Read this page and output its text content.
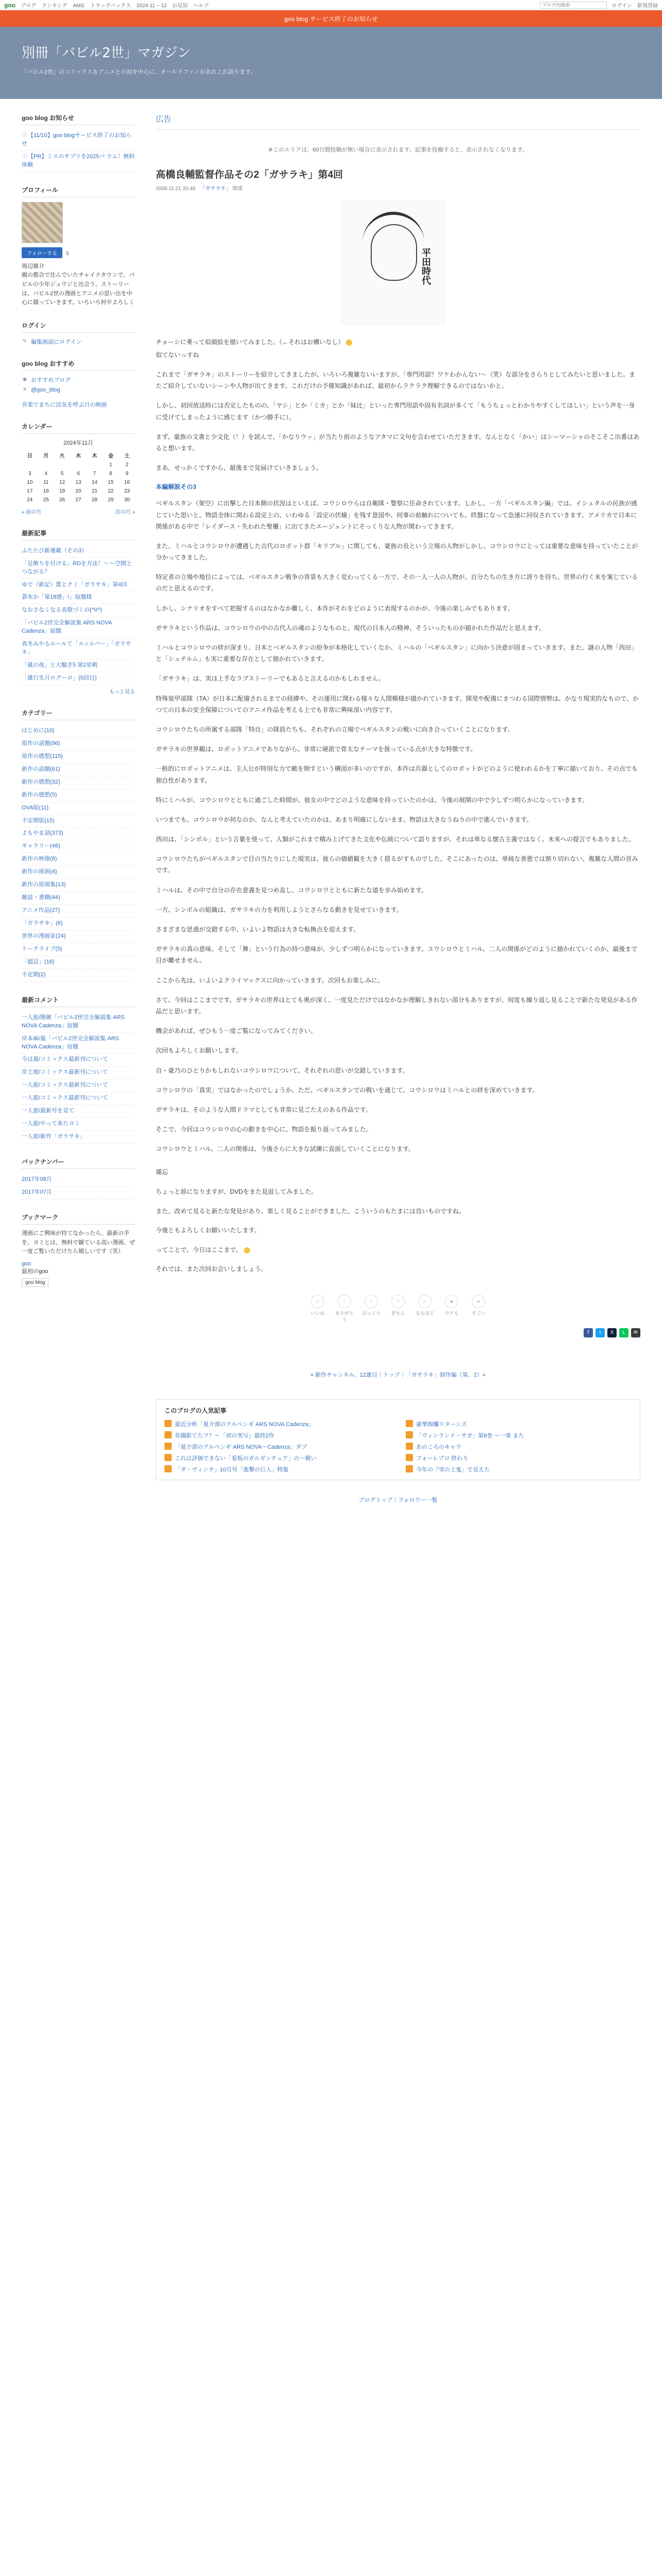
goo ブログ ランキング AMG トラックバックス 2024-11 ~ 12 お見知 ヘルプ
ブログ内検索	ログイン 新規登録
goo blog サービス終了のお知らせ
別冊「バビル2世」マガジン

『バビル2世』のコミックス＆アニメとの初を中心に、オールドファンがあれこれ語ります。

goo blog お知らせ
ⓘ【11/10】goo blogサービス終了のお知らせ
ⓘ【PR】ミスのサプリを2025バ ラム！無料体験
プロフィール
フォローする 5
海辺雄介
親の都合で住んでいたチャイナタウンで、パピルの少年ジュウジと出会う。ストーリーは、バビル2世の漫画とアニメの思い出を中心に綴っていきます。いろいろ何卒よろしく
ログイン
✎ 編集画面にログイン
goo blog おすすめ
◉ おすすめブログ
✕ @goo_blog
音楽でまちに活気を呼ぶ日の映画
カレンダー
2024年11月
日	月	火	水	木	金	土
					1	2
3	4	5	6	7	8	9
10	11	12	13	14	15	16
17	18	19	20	21	22	23
24	25	26	27	28	29	30
« 前の月	次の月 »
最新記事
ふたたび新連載（その3）
「足飾りを付ける」RDを方法！～～空間とつながる？
ゆで（新記）賞とクミ「ガラサキ」第4回
蒼氷か「第18感」!」宿題様
なおさなくなる表敬づくの(^0^)
「バビル2世完全解説集 ARS NOVA Cadenza」宿題
真冬みやるルールて「エ☆ルバー」「ガラサキ」
「嵐の夜」と大騒ぎ5 第2星戦
「雄行先月ログーロ」(5回目)
もっと見る
カテゴリー
はじめに(10)
原作の話題(96)
原作の感想(115)
新作の話題(61)
新作の感想(32)
新作の感想(5)
OVA版(11)
不定期版(15)
よもやま話(373)
ギャラリー(46)
新作の映像(8)
新作の原画(4)
新作の原画集(13)
雑誌・書籍(44)
アニメ作品(27)
「ガラサキ」(6)
世界の漫画家(24)
トークライブ(5)
「超忍」(16)
不定期(2)
最新コメント
一人旅/開催「バビル2世完全解説集 ARS NOVA Cadenza」宿題
岸本麻/嵐「バビル2世完全解説集 ARS NOVA Cadenza」宿題
今は嵐/コミックス最新刊について
岸土地/コミックス最新刊について
一人旅/コミックス最新刊について
一人旅/コミックス最新刊について
一人旅/最新号を見て
一人旅/やって来たヨミ
一人旅/新作「ガラサキ」
バックナンバー
2017年08月
2017年07月
ブックマーク
漫画にご興味が持てなかったら、最新の手を、ヨミとは、無料で観ている高い漫画、ぜ一度ご覧いただけたら嬉しいです（笑）
goo
最初のgoo
goo blog
広告
※このエリアは、60日間投稿が無い場合に表示されます。記事を投稿すると、表示されなくなります。
高橋良輔監督作品その2「ガサラキ」第4回
2008.11.21 20:46 「ガサラキ」 関連
平田時代

チョーシに乗って似顔絵を描いてみました。（←それはお構いなし）

似てないっすね

これまで「ガサラキ」のストーリーを紹介してきましたが、いろいろ複雑ないいますが、「専門用語？ワケわかんない～（笑）な部分をさらりとしてみたいと思いました。またご紹介していないシーンや人物が出てきます。これだけの予備知識があれば、最初からラクラク理解できるのではないかと。

しかし、初回放送時には否定したものの、「ヤシ」とか「ミカ」とか「妹比」といった専門用語や固有名詞が多くて「もうちょっとわかりやすくしてほしい」という声を一身に受けてしまったように感じます（かつ勝手に）。

まず、豪族の文書と少文化（！）を読んで、「かなりウッ」が当たり前のようなアタマに文句を言わせていただきます。なんとなく「かい」はシーマーシャのそこそこ出番はあると想います。

まあ、せっかくですから、最後まで見届けていきましょう。

本編解説その3

ベギルスタン（架空）に出撃した日本側の状況はといえば、コウシロウらは自衛隊・警察に任命されています。しかし、一方「ベギルスタン編」では、イシュタルの民族が感じていた思いと、物語全体に関わる設定上の、いわゆる「設定の伏線」を残す意図や、何事の前触れについても、終盤になって急速に回収されていきます。アメリカで日本に関係がある中で「レイダース・失われた聖櫃」に出てきたエージェントにそっくりな人物が関わってきます。

また、ミハルとコウシロウが遭遇した古代のロボット群「キリブル」に関しても、豪族の長という立場の人物がしかし、コウシロウにとっては重要な意味を持っていたことが分かってきました。

特定者の立場や地位によっては、ベギルスタン戦争の背景も大きく変わってくる一方で、その一人一人の人物が、自分たちの生き方に誇りを持ち、世界の行く末を案じているのだと思えるのです。

しかし、シナリオをすべて把握するのはなかなか難しく、本作がそれをどのように表現するのかが、今後の楽しみでもあります。

ガサラキという作品は、コウシロウの中の古代人の魂のようなものと、現代の日本人の精神、そういったものが描かれた作品だと思えます。

ミハルとコウシロウの絆が深まり、日本とベギルスタンの紛争が本格化していくなか、ミハルの「ベギルスタン」に向かう決意が固まっていきます。また、謎の人物「西田」と「シュテルム」も実に重要な存在として描かれていきます。

「ガサラキ」は、実は上手なラブストーリーでもあると言えるのかもしれません。

特殊装甲部隊（TA）が日本に配備されるまでの経緯や、その運用に関わる様々な人間模様が描かれていきます。開発や配備にまつわる国際情勢は、かなり現実的なもので、かつての日本の安全保障についてのアニメ作品を考える上でも非常に興味深い内容です。

コウシロウたちの所属する部隊「特自」の隊員たちも、それぞれの立場でベギルスタンの戦いに向き合っていくことになります。

ガサラキの世界観は、ロボットアニメでありながら、非常に硬派で骨太なテーマを扱っている点が大きな特徴です。

一般的にロボットアニメは、主人公が特別な力で敵を倒すという構図が多いのですが、本作は兵器としてのロボットがどのように使われるかを丁寧に描いており、その点でも独自性があります。

特にミハルが、コウシロウとともに過ごした時間が、彼女の中でどのような意味を持っていたのかは、今後の展開の中で少しずつ明らかになっていきます。

いつまでも、コウシロウが何なのか、なんと考えていたのかは、あまり明確にしないまま、物語は大きなうねりの中で進んでいきます。

西田は、「シンボル」という言葉を使って、人類がこれまで積み上げてきた文化や伝統について語りますが、それは単なる懐古主義ではなく、未来への提言でもありました。

コウシロウたちがベギルスタンで目の当たりにした現実は、彼らの価値観を大きく揺るがすものでした。そこにあったのは、単純な善悪では割り切れない、複雑な人間の営みです。

ミハルは、その中で自分の存在意義を見つめ直し、コウシロウとともに新たな道を歩み始めます。

一方、シンボルの組織は、ガサラキの力を利用しようとさらなる動きを見せていきます。

さまざまな思惑が交錯する中、いよいよ物語は大きな転換点を迎えます。

ガサラキの真の意味、そして「舞」という行為の持つ意味が、少しずつ明らかになっていきます。ユウシロウとミハル、二人の関係がどのように描かれていくのか、最後まで目が離せません。

ここから先は、いよいよクライマックスに向かっていきます。次回もお楽しみに。

さて、今回はここまでです。ガサラキの世界はとても奥が深く、一度見ただけではなかなか理解しきれない部分もありますが、何度も繰り返し見ることで新たな発見がある作品だと思います。

機会があれば、ぜひもう一度ご覧になってみてください。

次回もよろしくお願いします。

自・豪乃のひとりかもしれないコウシロウについて、それぞれの思いが交錯していきます。

コウシロウの「真実」ではなかったのでしょうか。ただ、ベギルスタンでの戦いを通じて、コウシロウはミハルとの絆を深めていきます。

ガサラキは、そのような人間ドラマとしても非常に見ごたえのある作品です。

そこで、今回はコウシロウの心の動きを中心に、物語を振り返ってみました。

コウシロウとミハル、二人の関係は、今後さらに大きな試練に直面していくことになります。

備忘

ちょっと前になりますが、DVDをまた見返してみました。

また、改めて見ると新たな発見があり、楽しく見ることができました。こういうのもたまには良いものですね。

今後ともよろしくお願いいたします。

ってことで、今日はここまで。

それでは、また次回お会いしましょう。

☺
いいね
♡
ありがとう
!
びっくり
?
ぎもん
✓
なるほど
☻
ウケる
★
すごい
f	t	X	L	✉
« 新作チャンネル、12連目｜トップ｜「ガサラキ」制作編（第、2）»
このブログの人気記事
最近分析「夏介部のアルペシギ ARS NOVA Cadenza」	豪華絢爛リターンズ
券撮影てたフ？～「初の実写」最終2作	「ヴィンランド・サガ」第8巻 ～一章 また
「夏介部のアルペシギ ARS NOVA～Cadenza」ダブ	あのころのキャラ
これは評価できない「看板のガルガンチュア」の～戦い	フォーレプロ 終わり
「ダ・ヴィンチ」10月号「進撃の巨人」特集	今年の『雪の上鬼」で見えた
ブログトップ｜フォロワー一覧
